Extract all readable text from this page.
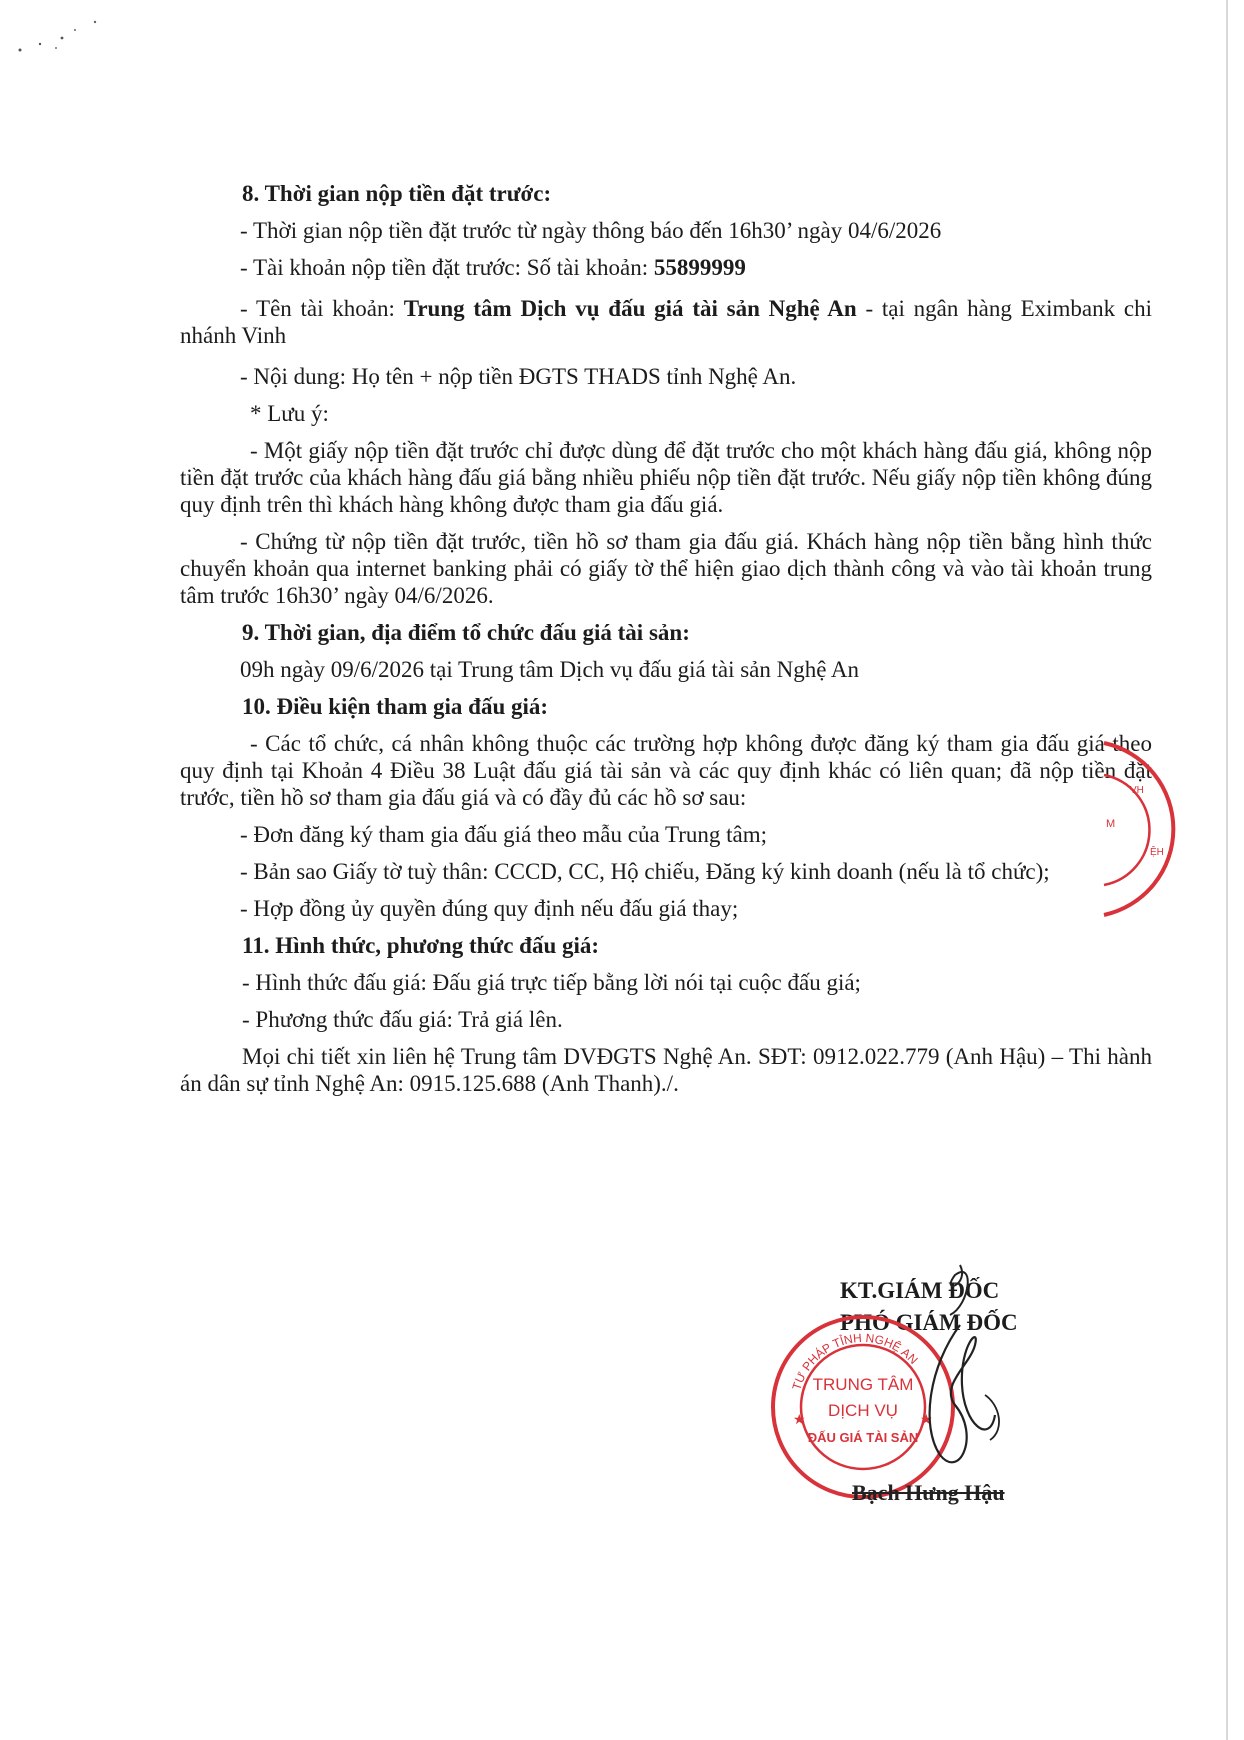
8. Thời gian nộp tiền đặt trước:

- Thời gian nộp tiền đặt trước từ ngày thông báo đến 16h30’ ngày 04/6/2026

- Tài khoản nộp tiền đặt trước: Số tài khoản: 55899999

- Tên tài khoản: Trung tâm Dịch vụ đấu giá tài sản Nghệ An - tại ngân hàng Eximbank chi nhánh Vinh

- Nội dung: Họ tên + nộp tiền ĐGTS THADS tỉnh Nghệ An.

* Lưu ý:

- Một giấy nộp tiền đặt trước chỉ được dùng để đặt trước cho một khách hàng đấu giá, không nộp tiền đặt trước của khách hàng đấu giá bằng nhiều phiếu nộp tiền đặt trước. Nếu giấy nộp tiền không đúng quy định trên thì khách hàng không được tham gia đấu giá.

- Chứng từ nộp tiền đặt trước, tiền hồ sơ tham gia đấu giá. Khách hàng nộp tiền bằng hình thức chuyển khoản qua internet banking phải có giấy tờ thể hiện giao dịch thành công và vào tài khoản trung tâm trước 16h30’ ngày 04/6/2026.

9. Thời gian, địa điểm tổ chức đấu giá tài sản:

09h ngày 09/6/2026 tại Trung tâm Dịch vụ đấu giá tài sản Nghệ An

10. Điều kiện tham gia đấu giá:

- Các tổ chức, cá nhân không thuộc các trường hợp không được đăng ký tham gia đấu giá theo quy định tại Khoản 4 Điều 38 Luật đấu giá tài sản và các quy định khác có liên quan; đã nộp tiền đặt trước, tiền hồ sơ tham gia đấu giá và có đầy đủ các hồ sơ sau:

- Đơn đăng ký tham gia đấu giá theo mẫu của Trung tâm;

- Bản sao Giấy tờ tuỳ thân: CCCD, CC, Hộ chiếu, Đăng ký kinh doanh (nếu là tổ chức);

- Hợp đồng ủy quyền đúng quy định nếu đấu giá thay;

11. Hình thức, phương thức đấu giá:

- Hình thức đấu giá: Đấu giá trực tiếp bằng lời nói tại cuộc đấu giá;

- Phương thức đấu giá: Trả giá lên.

Mọi chi tiết xin liên hệ Trung tâm DVĐGTS Nghệ An. SĐT: 0912.022.779 (Anh Hậu) – Thi hành án dân sự tỉnh Nghệ An: 0915.125.688 (Anh Thanh)./.

KT.GIÁM ĐỐC
PHÓ GIÁM ĐỐC
TRUNG TÂM
DỊCH VỤ
ĐẤU GIÁ TÀI SẢN
TƯ PHÁP TỈNH NGHỆ AN
★	★
M
VH
ỆH
Bạch Hưng Hậu
